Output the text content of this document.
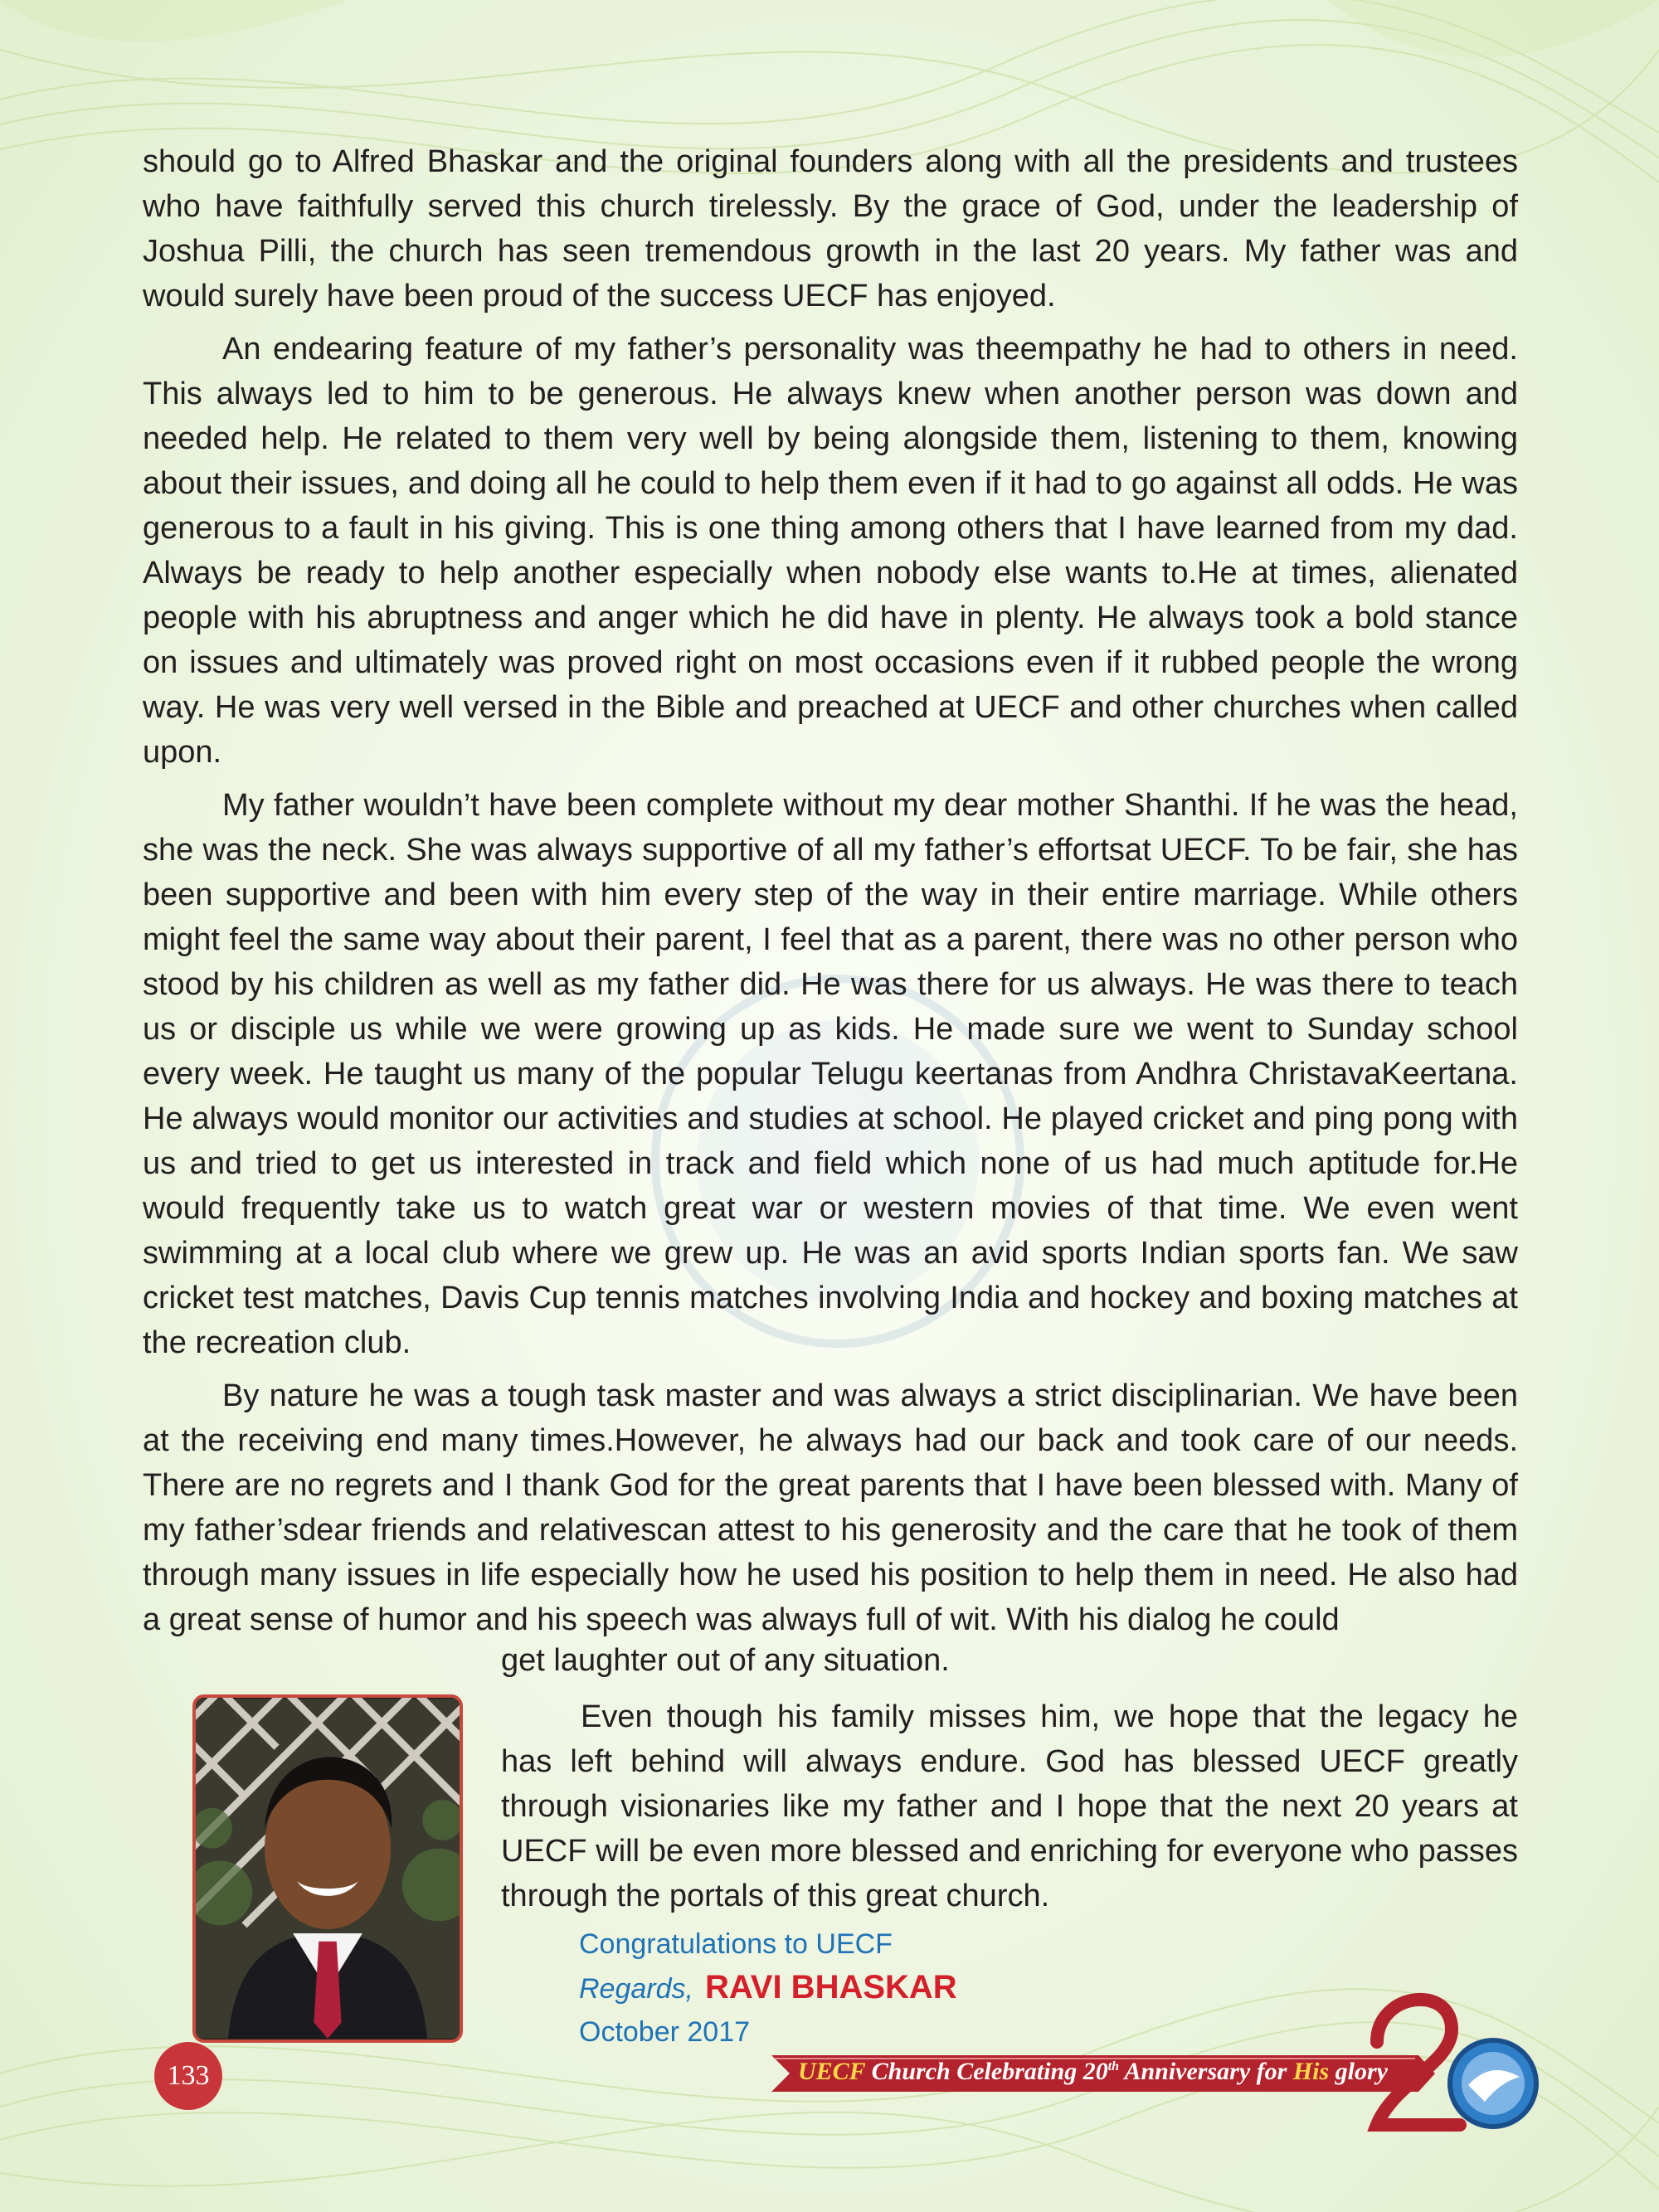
should go to Alfred Bhaskar and the original founders along with all the presidents and trustees who have faithfully served this church tirelessly. By the grace of God, under the leadership of Joshua Pilli, the church has seen tremendous growth in the last 20 years. My father was and would surely have been proud of the success UECF has enjoyed.

An endearing feature of my father’s personality was theempathy he had to others in need. This always led to him to be generous. He always knew when another person was down and needed help. He related to them very well by being alongside them, listening to them, knowing about their issues, and doing all he could to help them even if it had to go against all odds. He was generous to a fault in his giving. This is one thing among others that I have learned from my dad. Always be ready to help another especially when nobody else wants to.He at times, alienated people with his abruptness and anger which he did have in plenty. He always took a bold stance on issues and ultimately was proved right on most occasions even if it rubbed people the wrong way. He was very well versed in the Bible and preached at UECF and other churches when called upon.

My father wouldn’t have been complete without my dear mother Shanthi. If he was the head, she was the neck. She was always supportive of all my father’s effortsat UECF. To be fair, she has been supportive and been with him every step of the way in their entire marriage. While others might feel the same way about their parent, I feel that as a parent, there was no other person who stood by his children as well as my father did. He was there for us always. He was there to teach us or disciple us while we were growing up as kids. He made sure we went to Sunday school every week. He taught us many of the popular Telugu keertanas from Andhra ChristavaKeertana. He always would monitor our activities and studies at school. He played cricket and ping pong with us and tried to get us interested in track and field which none of us had much aptitude for.He would frequently take us to watch great war or western movies of that time. We even went swimming at a local club where we grew up. He was an avid sports Indian sports fan. We saw cricket test matches, Davis Cup tennis matches involving India and hockey and boxing matches at the recreation club.

By nature he was a tough task master and was always a strict disciplinarian. We have been at the receiving end many times.However, he always had our back and took care of our needs. There are no regrets and I thank God for the great parents that I have been blessed with. Many of my father’sdear friends and relativescan attest to his generosity and the care that he took of them through many issues in life especially how he used his position to help them in need. He also had a great sense of humor and his speech was always full of wit. With his dialog he could

get laughter out of any situation.

Even though his family misses him, we hope that the legacy he has left behind will always endure. God has blessed UECF greatly through visionaries like my father and I hope that the next 20 years at UECF will be even more blessed and enriching for everyone who passes through the portals of this great church.

Congratulations to UECF
Regards, RAVI BHASKAR
October 2017
133	UECF Church Celebrating 20th Anniversary for His glory
